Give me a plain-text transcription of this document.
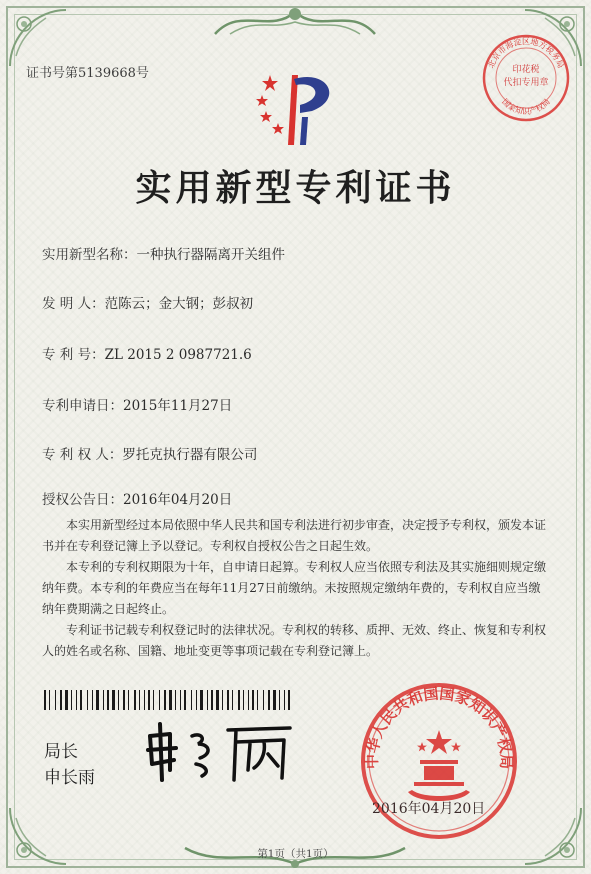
证书号第5139668号
北京市海淀区地方税务局
国家知识产权局
印花税
代扣专用章
实用新型专利证书
实用新型名称：一种执行器隔离开关组件
发 明 人：范陈云；金大钢；彭叔初
专 利 号：ZL 2015 2 0987721.6
专利申请日：2015年11月27日
专 利 权 人：罗托克执行器有限公司
授权公告日：2016年04月20日
　　本实用新型经过本局依照中华人民共和国专利法进行初步审查，决定授予专利权，颁发本证书并在专利登记簿上予以登记。专利权自授权公告之日起生效。
　　本专利的专利权期限为十年，自申请日起算。专利权人应当依照专利法及其实施细则规定缴纳年费。本专利的年费应当在每年11月27日前缴纳。未按照规定缴纳年费的，专利权自应当缴纳年费期满之日起终止。
　　专利证书记载专利权登记时的法律状况。专利权的转移、质押、无效、终止、恢复和专利权人的姓名或名称、国籍、地址变更等事项记载在专利登记簿上。
局长
申长雨
中华人民共和国国家知识产权局
2016年04月20日
第1页（共1页）
